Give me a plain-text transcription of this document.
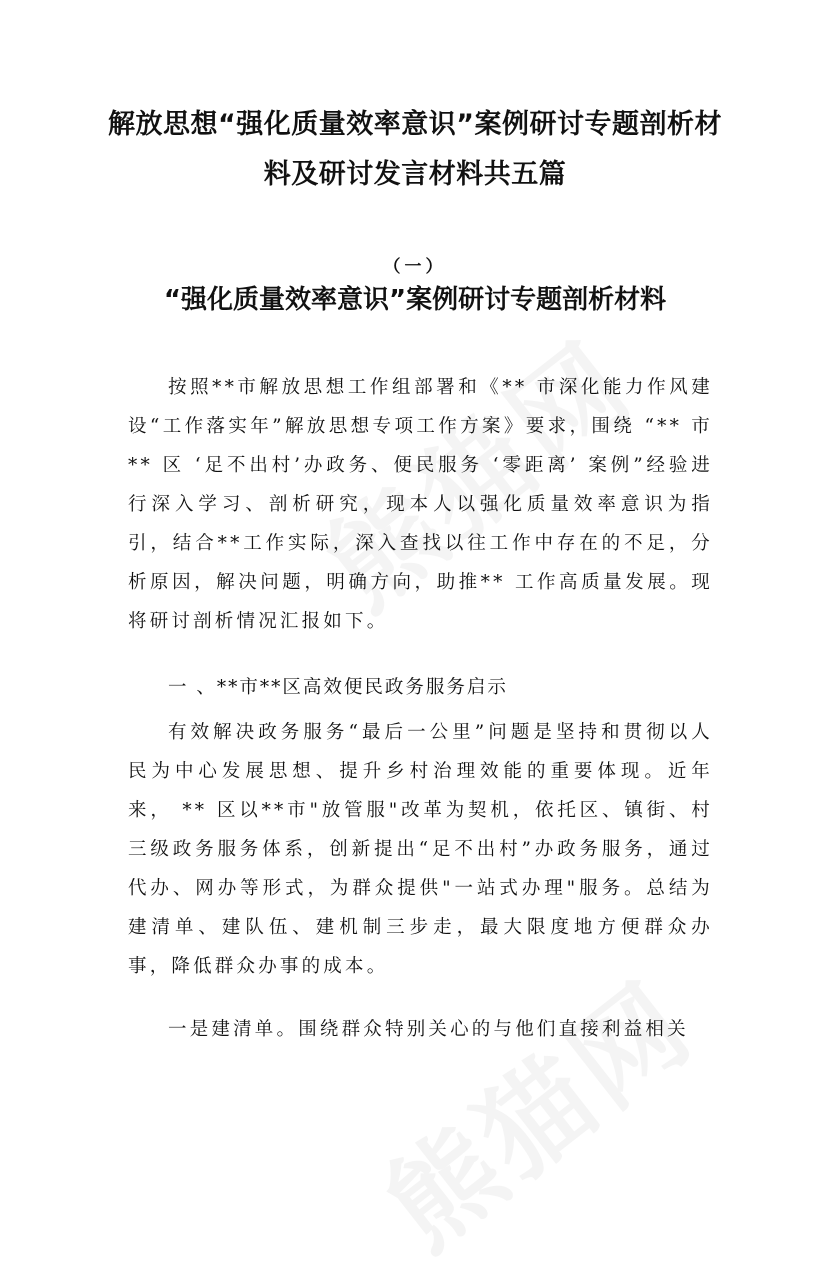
解放思想“强化质量效率意识”案例研讨专题剖析材料及研讨发言材料共五篇
（一）
“强化质量效率意识”案例研讨专题剖析材料

按照**市解放思想工作组部署和《** 市深化能力作风建设“工作落实年”解放思想专项工作方案》要求，围绕 “** 市** 区 ‘足不出村’办政务、便民服务 ‘零距离’ 案例”经验进行深入学习、剖析研究，现本人以强化质量效率意识为指引，结合**工作实际，深入查找以往工作中存在的不足，分析原因，解决问题，明确方向，助推** 工作高质量发展。现将研讨剖析情况汇报如下。

一 、**市**区高效便民政务服务启示

有效解决政务服务“最后一公里”问题是坚持和贯彻以人民为中心发展思想、提升乡村治理效能的重要体现。近年来， ** 区以**市"放管服"改革为契机，依托区、镇街、村三级政务服务体系，创新提出“足不出村”办政务服务，通过代办、网办等形式，为群众提供"一站式办理"服务。总结为建清单、建队伍、建机制三步走，最大限度地方便群众办事，降低群众办事的成本。

一是建清单。围绕群众特别关心的与他们直接利益相关
